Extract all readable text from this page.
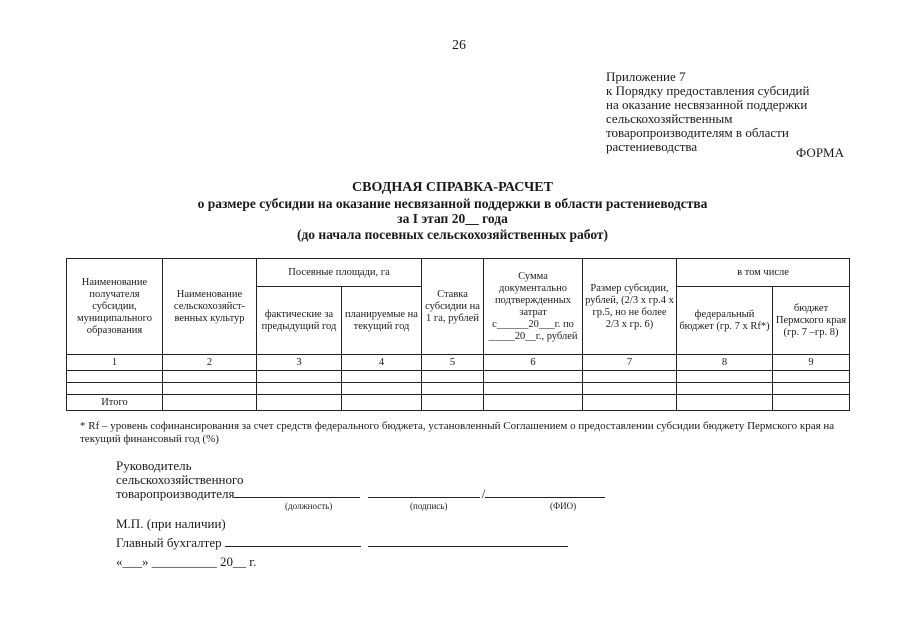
26
Приложение 7
к Порядку предоставления субсидий
на оказание несвязанной поддержки
сельскохозяйственным
товаропроизводителям в области
растениеводства	ФОРМА
СВОДНАЯ СПРАВКА-РАСЧЕТ
о размере субсидии на оказание несвязанной поддержки в области растениеводства
за I этап 20__ года
(до начала посевных сельскохозяйственных работ)
Наименование получателя субсидии, муниципального образования	Наименование сельскохозяйст-венных культур	Посевные площади, га		Ставка субсидии на 1 га, рублей	Сумма документально подтвержденных затрат с______20___г. по _____20__г., рублей	Размер субсидии, рублей, (2/3 x гр.4 x гр.5, но не более 2/3 x гр. 6)	в том числе	
		фактические за предыдущий год	планируемые на текущий год				федеральный бюджет (гр. 7 x Rf*)	бюджет Пермского края (гр. 7 –гр. 8)
1	2	3	4	5	6	7	8	9

Итого								
* Rf – уровень софинансирования за счет средств федерального бюджета, установленный Соглашением о предоставлении субсидии бюджету Пермского края на текущий финансовый год (%)
Руководитель
сельскохозяйственного
товаропроизводителя	/
(должность)	(подпись)	(ФИО)
М.П. (при наличии)
Главный бухгалтер
«___» __________ 20__ г.
